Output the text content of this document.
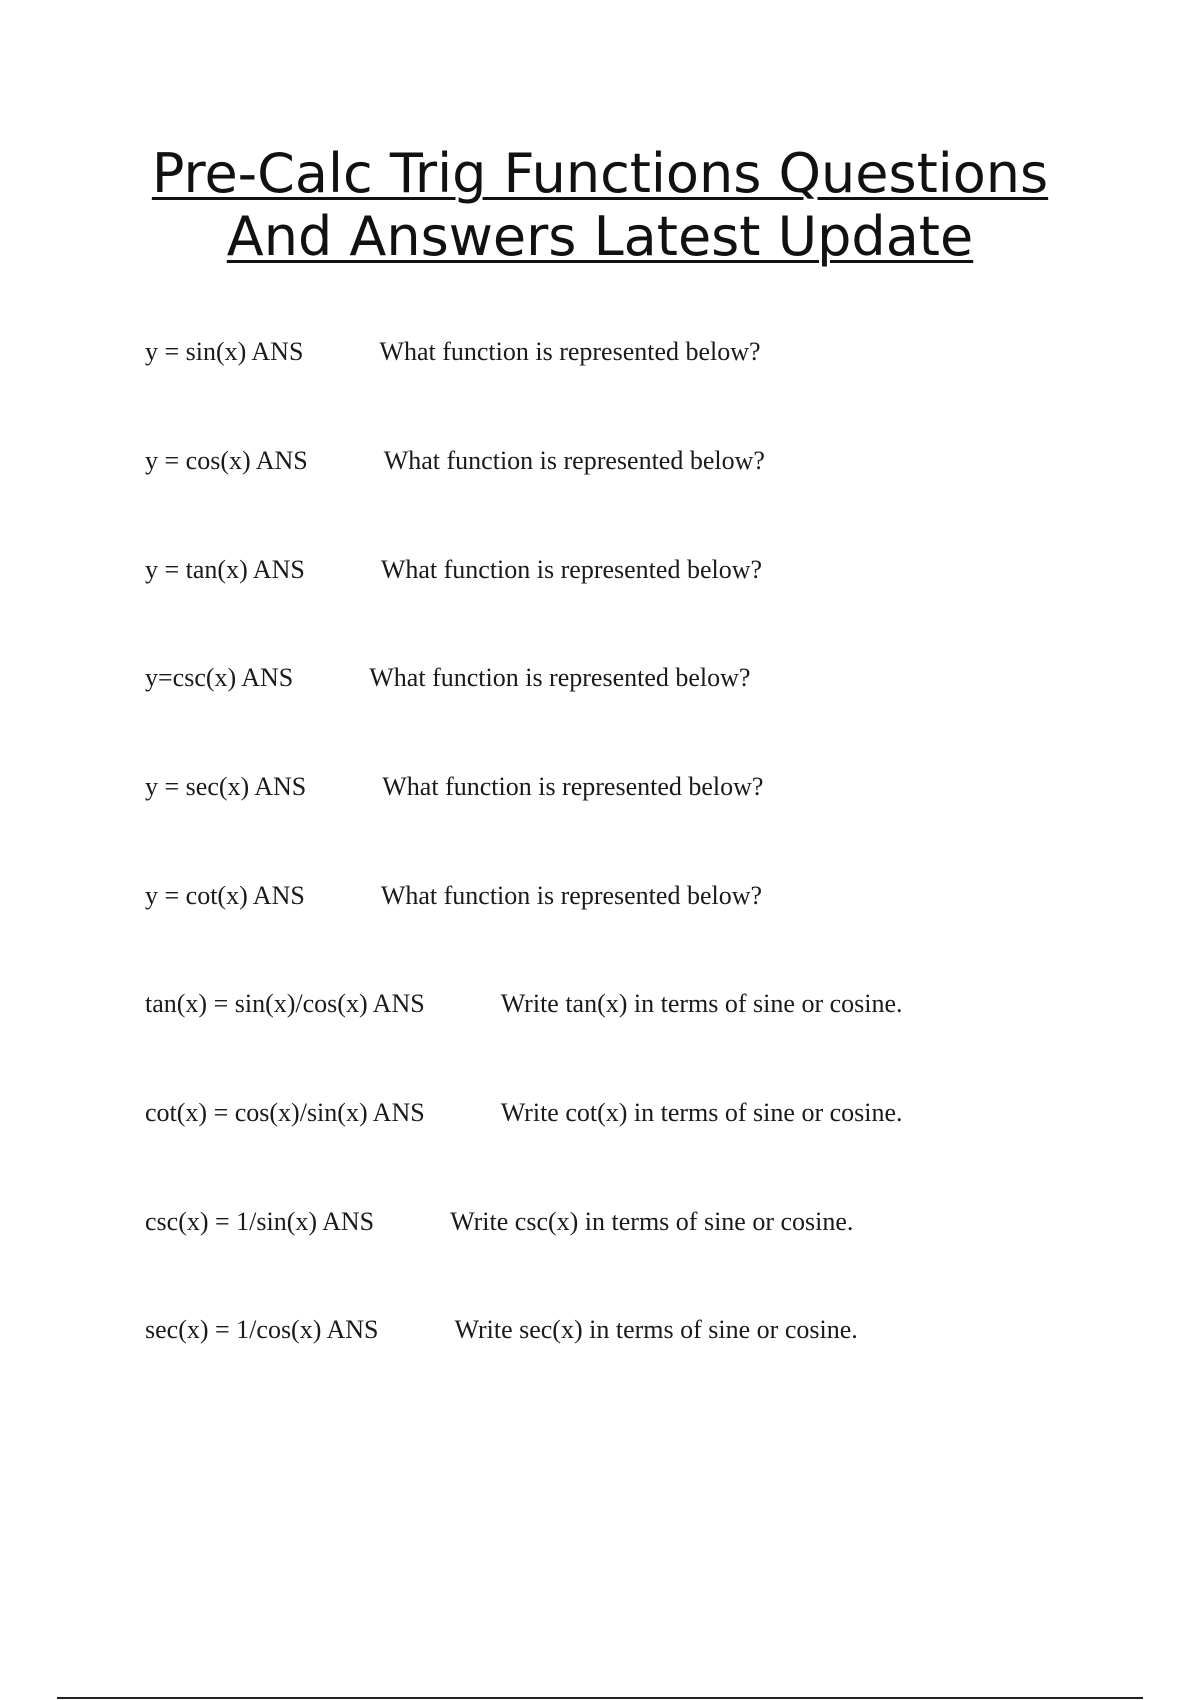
Pre-Calc Trig Functions Questions
And Answers Latest Update
y = sin(x) ANS	What function is represented below?
y = cos(x) ANS	What function is represented below?
y = tan(x) ANS	What function is represented below?
y=csc(x) ANS	What function is represented below?
y = sec(x) ANS	What function is represented below?
y = cot(x) ANS	What function is represented below?
tan(x) = sin(x)/cos(x) ANS	Write tan(x) in terms of sine or cosine.
cot(x) = cos(x)/sin(x) ANS	Write cot(x) in terms of sine or cosine.
csc(x) = 1/sin(x) ANS	Write csc(x) in terms of sine or cosine.
sec(x) = 1/cos(x) ANS	Write sec(x) in terms of sine or cosine.
